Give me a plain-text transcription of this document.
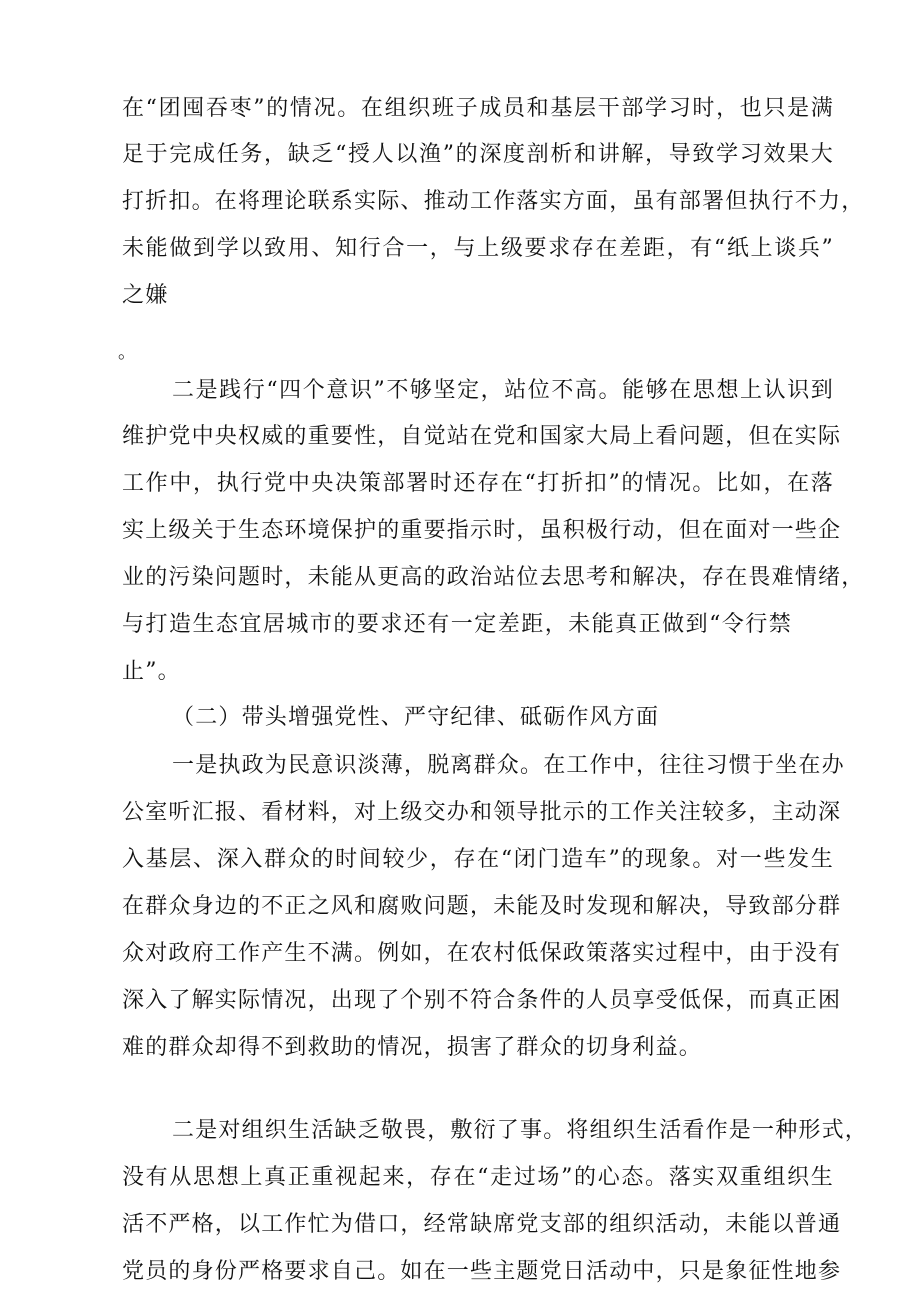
在“团囤吞枣”的情况。在组织班子成员和基层干部学习时，也只是满
足于完成任务，缺乏“授人以渔”的深度剖析和讲解，导致学习效果大
打折扣。在将理论联系实际、推动工作落实方面，虽有部署但执行不力，
未能做到学以致用、知行合一，与上级要求存在差距，有“纸上谈兵”
之嫌
。
二是践行“四个意识”不够坚定，站位不高。能够在思想上认识到
维护党中央权威的重要性，自觉站在党和国家大局上看问题，但在实际
工作中，执行党中央决策部署时还存在“打折扣”的情况。比如，在落
实上级关于生态环境保护的重要指示时，虽积极行动，但在面对一些企
业的污染问题时，未能从更高的政治站位去思考和解决，存在畏难情绪，
与打造生态宜居城市的要求还有一定差距，未能真正做到“令行禁
止”。
（二）带头增强党性、严守纪律、砥砺作风方面
一是执政为民意识淡薄，脱离群众。在工作中，往往习惯于坐在办
公室听汇报、看材料，对上级交办和领导批示的工作关注较多，主动深
入基层、深入群众的时间较少，存在“闭门造车”的现象。对一些发生
在群众身边的不正之风和腐败问题，未能及时发现和解决，导致部分群
众对政府工作产生不满。例如，在农村低保政策落实过程中，由于没有
深入了解实际情况，出现了个别不符合条件的人员享受低保，而真正困
难的群众却得不到救助的情况，损害了群众的切身利益。
二是对组织生活缺乏敬畏，敷衍了事。将组织生活看作是一种形式，
没有从思想上真正重视起来，存在“走过场”的心态。落实双重组织生
活不严格，以工作忙为借口，经常缺席党支部的组织活动，未能以普通
党员的身份严格要求自己。如在一些主题党日活动中，只是象征性地参
